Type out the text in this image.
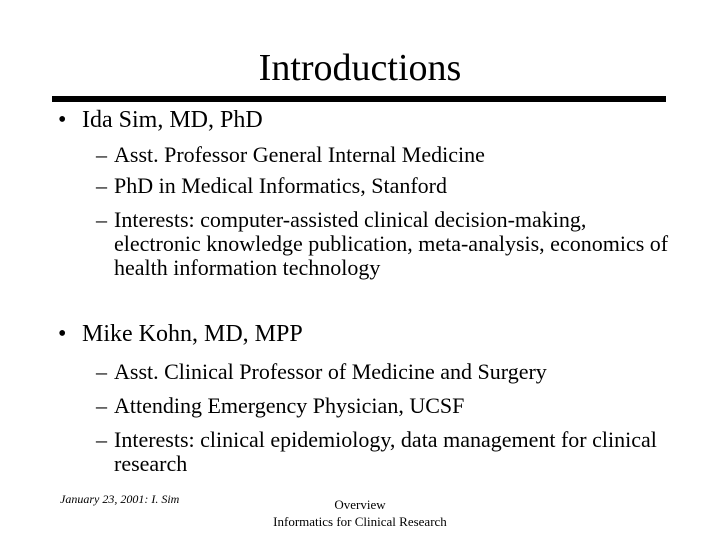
Introductions
• Ida Sim, MD, PhD
– Asst. Professor General Internal Medicine
– PhD in Medical Informatics, Stanford
– Interests: computer-assisted clinical decision-making, electronic knowledge publication, meta-analysis, economics of health information technology
• Mike Kohn, MD, MPP
– Asst. Clinical Professor of Medicine and Surgery
– Attending Emergency Physician, UCSF
– Interests: clinical epidemiology, data management for clinical research
January 23, 2001: I. Sim	Overview
Informatics for Clinical Research
